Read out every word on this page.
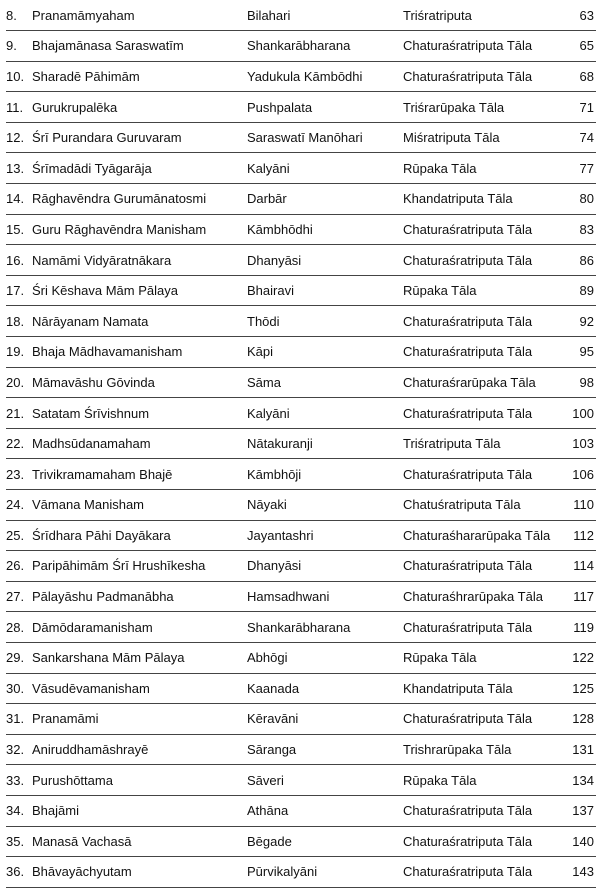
8.	Pranamāmyaham	Bilahari	Triśratriputa	63
9.	Bhajamānasa Saraswatīm	Shankarābharana	Chaturaśratriputa Tāla	65
10.	Sharadē Pāhimām	Yadukula Kāmbōdhi	Chaturaśratriputa Tāla	68
11.	Gurukrupalēka	Pushpalata	Triśrarūpaka Tāla	71
12.	Śrī Purandara Guruvaram	Saraswatī Manōhari	Miśratriputa Tāla	74
13.	Śrīmadādi Tyāgarāja	Kalyāni	Rūpaka Tāla	77
14.	Rāghavēndra Gurumānatosmi	Darbār	Khandatriputa Tāla	80
15.	Guru Rāghavēndra Manisham	Kāmbhōdhi	Chaturaśratriputa Tāla	83
16.	Namāmi Vidyāratnākara	Dhanyāsi	Chaturaśratriputa Tāla	86
17.	Śri Kēshava Mām Pālaya	Bhairavi	Rūpaka Tāla	89
18.	Nārāyanam Namata	Thōdi	Chaturaśratriputa Tāla	92
19.	Bhaja Mādhavamanisham	Kāpi	Chaturaśratriputa Tāla	95
20.	Māmavāshu Gōvinda	Sāma	Chaturaśrarūpaka Tāla	98
21.	Satatam Śrīvishnum	Kalyāni	Chaturaśratriputa Tāla	100
22.	Madhsūdanamaham	Nātakuranji	Triśratriputa Tāla	103
23.	Trivikramamaham Bhajē	Kāmbhōji	Chaturaśratriputa Tāla	106
24.	Vāmana Manisham	Nāyaki	Chatuśratriputa Tāla	110
25.	Śrīdhara Pāhi Dayākara	Jayantashri	Chaturaśhararūpaka Tāla	112
26.	Paripāhimām Śrī Hrushīkesha	Dhanyāsi	Chaturaśratriputa Tāla	114
27.	Pālayāshu Padmanābha	Hamsadhwani	Chaturaśhrarūpaka Tāla	117
28.	Dāmōdaramanisham	Shankarābharana	Chaturaśratriputa Tāla	119
29.	Sankarshana Mām Pālaya	Abhōgi	Rūpaka Tāla	122
30.	Vāsudēvamanisham	Kaanada	Khandatriputa Tāla	125
31.	Pranamāmi	Kēravāni	Chaturaśratriputa Tāla	128
32.	Aniruddhamāshrayē	Sāranga	Trishrarūpaka Tāla	131
33.	Purushōttama	Sāveri	Rūpaka Tāla	134
34.	Bhajāmi	Athāna	Chaturaśratriputa Tāla	137
35.	Manasā Vachasā	Bēgade	Chaturaśratriputa Tāla	140
36.	Bhāvayāchyutam	Pūrvikalyāni	Chaturaśratriputa Tāla	143
